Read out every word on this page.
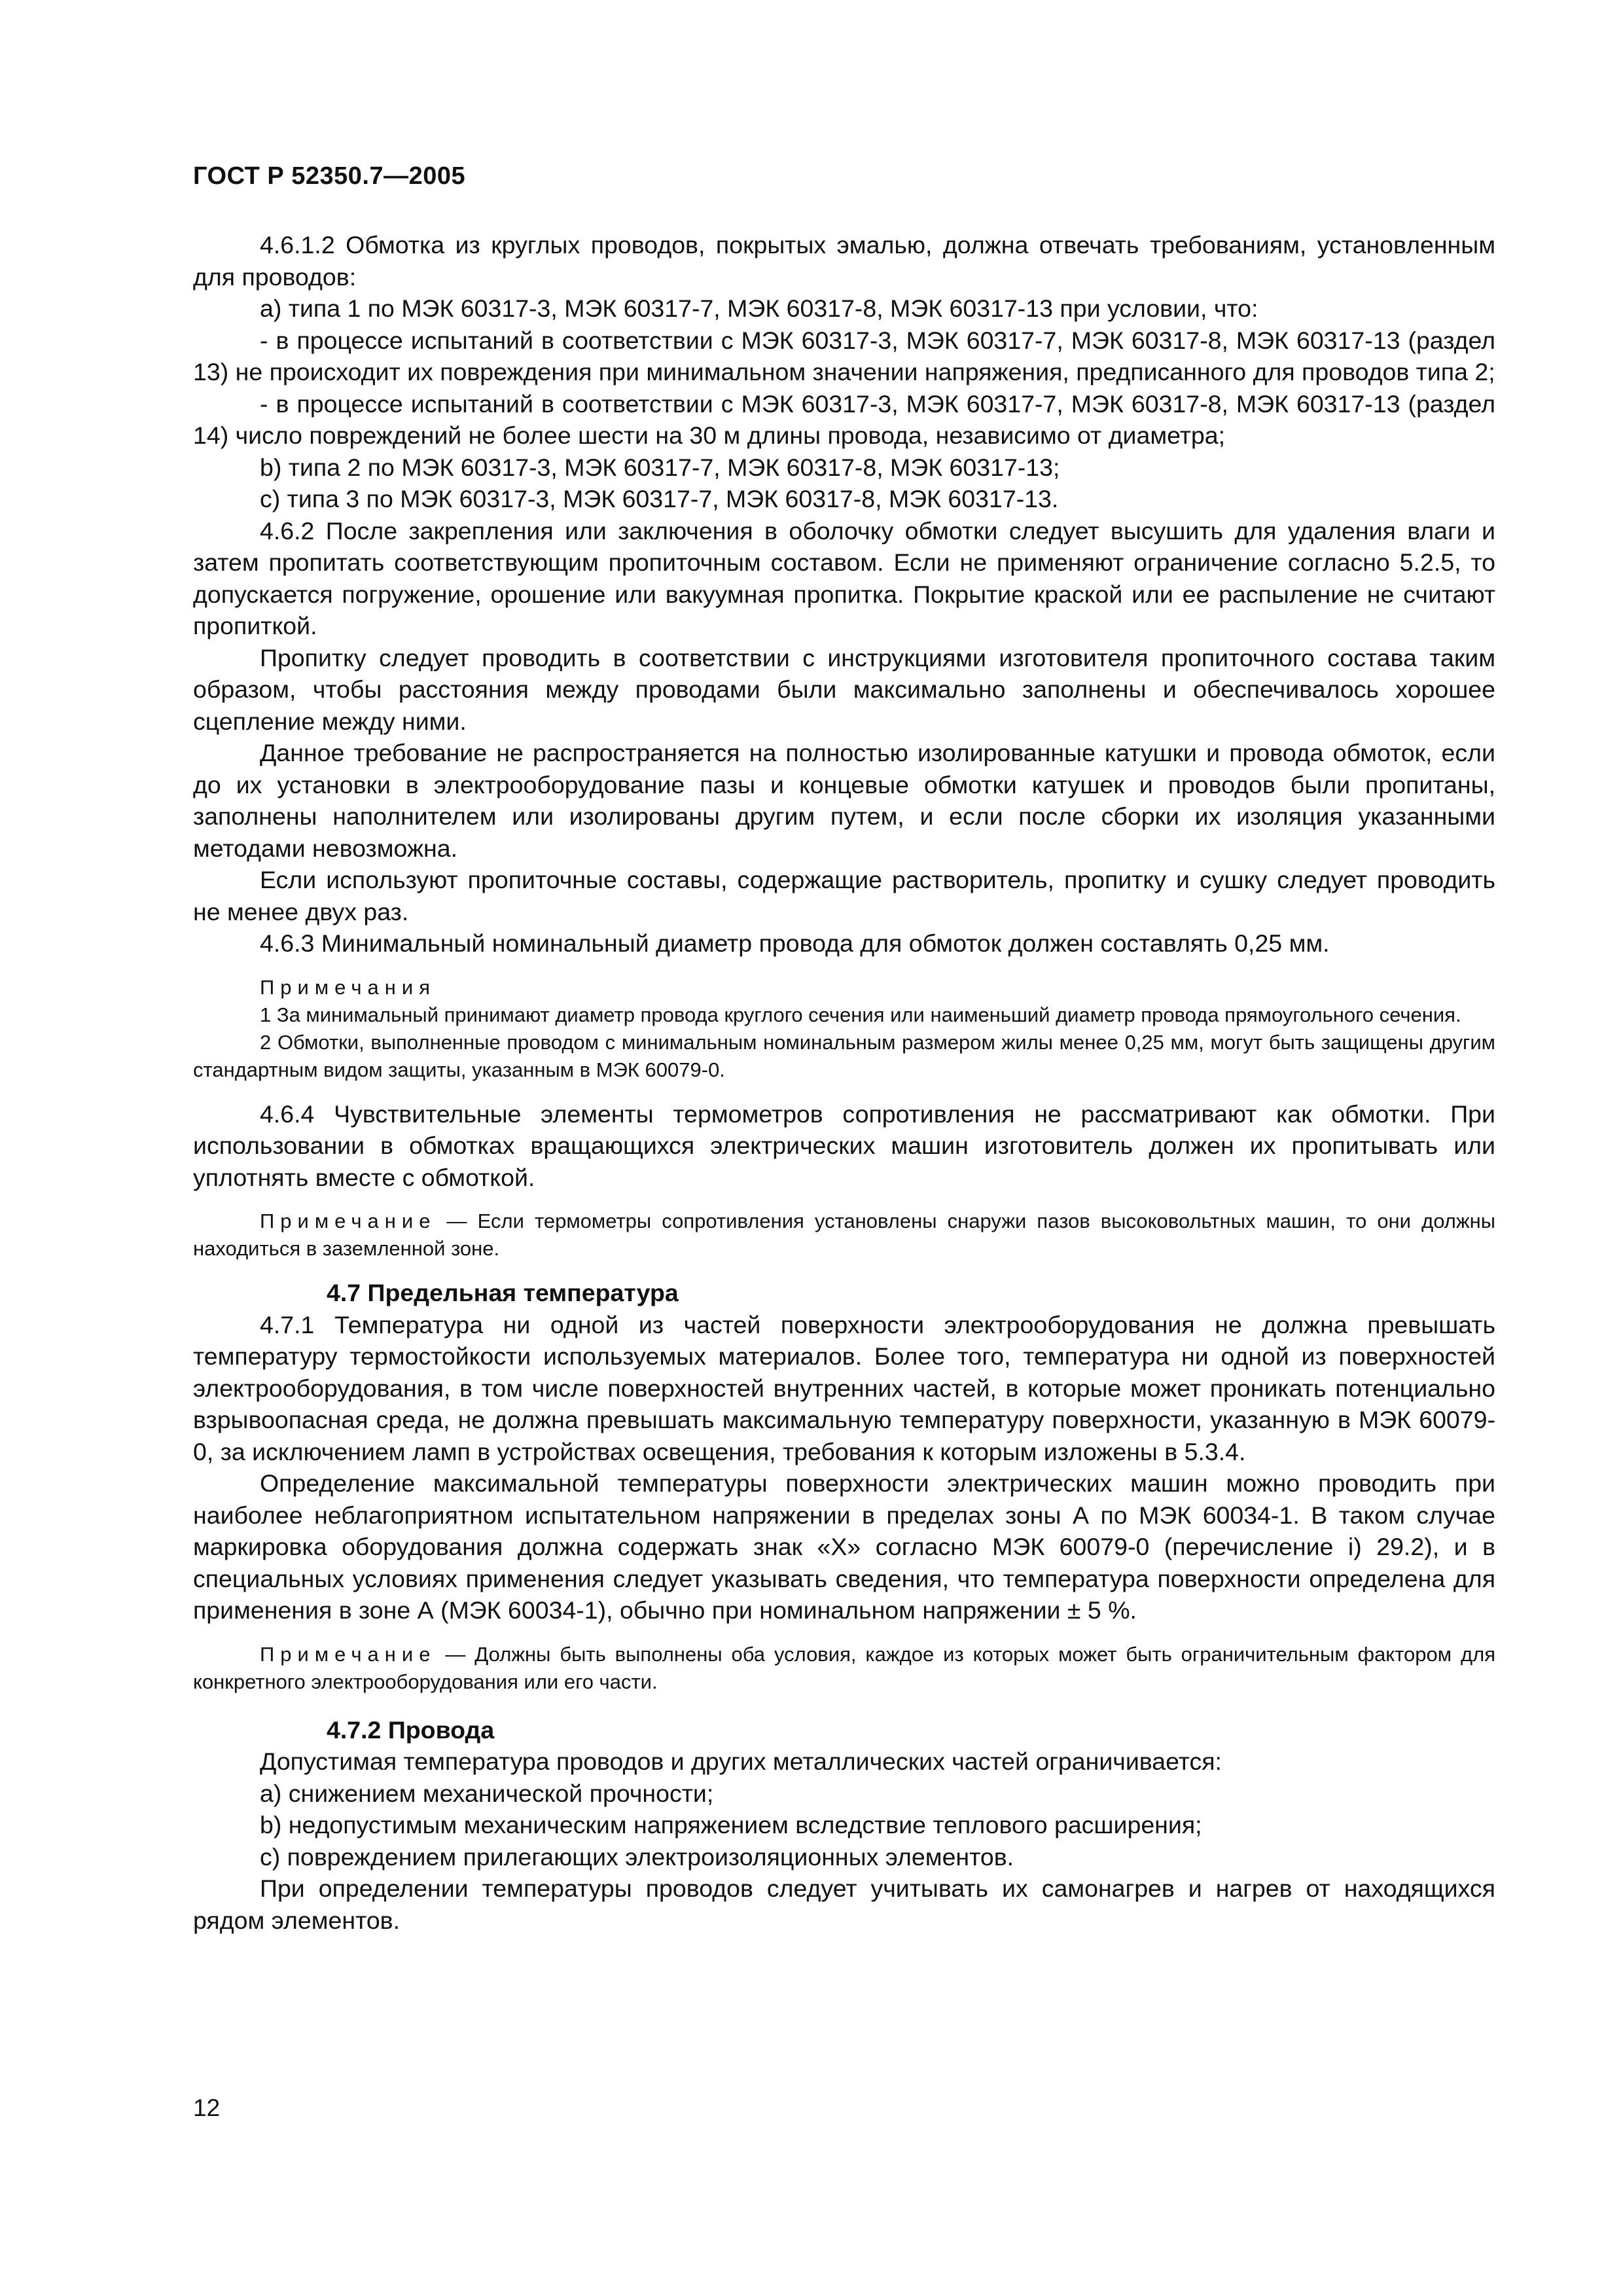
ГОСТ Р 52350.7—2005

4.6.1.2 Обмотка из круглых проводов, покрытых эмалью, должна отвечать требованиям, установленным для проводов:

a) типа 1 по МЭК 60317-3, МЭК 60317-7, МЭК 60317-8, МЭК 60317-13 при условии, что:

- в процессе испытаний в соответствии с МЭК 60317-3, МЭК 60317-7, МЭК 60317-8, МЭК 60317-13 (раздел 13) не происходит их повреждения при минимальном значении напряжения, предписанного для проводов типа 2;

- в процессе испытаний в соответствии с МЭК 60317-3, МЭК 60317-7, МЭК 60317-8, МЭК 60317-13 (раздел 14) число повреждений не более шести на 30 м длины провода, независимо от диаметра;

b) типа 2 по МЭК 60317-3, МЭК 60317-7, МЭК 60317-8, МЭК 60317-13;

c) типа 3 по МЭК 60317-3, МЭК 60317-7, МЭК 60317-8, МЭК 60317-13.

4.6.2 После закрепления или заключения в оболочку обмотки следует высушить для удаления влаги и затем пропитать соответствующим пропиточным составом. Если не применяют ограничение согласно 5.2.5, то допускается погружение, орошение или вакуумная пропитка. Покрытие краской или ее распыление не считают пропиткой.

Пропитку следует проводить в соответствии с инструкциями изготовителя пропиточного состава таким образом, чтобы расстояния между проводами были максимально заполнены и обеспечивалось хорошее сцепление между ними.

Данное требование не распространяется на полностью изолированные катушки и провода обмоток, если до их установки в электрооборудование пазы и концевые обмотки катушек и проводов были пропитаны, заполнены наполнителем или изолированы другим путем, и если после сборки их изоляция указанными методами невозможна.

Если используют пропиточные составы, содержащие растворитель, пропитку и сушку следует проводить не менее двух раз.

4.6.3 Минимальный номинальный диаметр провода для обмоток должен составлять 0,25 мм.

Примечания

1 За минимальный принимают диаметр провода круглого сечения или наименьший диаметр провода прямоугольного сечения.

2 Обмотки, выполненные проводом с минимальным номинальным размером жилы менее 0,25 мм, могут быть защищены другим стандартным видом защиты, указанным в МЭК 60079-0.

4.6.4 Чувствительные элементы термометров сопротивления не рассматривают как обмотки. При использовании в обмотках вращающихся электрических машин изготовитель должен их пропитывать или уплотнять вместе с обмоткой.

Примечание — Если термометры сопротивления установлены снаружи пазов высоковольтных машин, то они должны находиться в заземленной зоне.

4.7 Предельная температура

4.7.1 Температура ни одной из частей поверхности электрооборудования не должна превышать температуру термостойкости используемых материалов. Более того, температура ни одной из поверхностей электрооборудования, в том числе поверхностей внутренних частей, в которые может проникать потенциально взрывоопасная среда, не должна превышать максимальную температуру поверхности, указанную в МЭК 60079-0, за исключением ламп в устройствах освещения, требования к которым изложены в 5.3.4.

Определение максимальной температуры поверхности электрических машин можно проводить при наиболее неблагоприятном испытательном напряжении в пределах зоны А по МЭК 60034-1. В таком случае маркировка оборудования должна содержать знак «Х» согласно МЭК 60079-0 (перечисление i) 29.2), и в специальных условиях применения следует указывать сведения, что температура поверхности определена для применения в зоне А (МЭК 60034-1), обычно при номинальном напряжении ± 5 %.

Примечание — Должны быть выполнены оба условия, каждое из которых может быть ограничительным фактором для конкретного электрооборудования или его части.

4.7.2 Провода

Допустимая температура проводов и других металлических частей ограничивается:

a) снижением механической прочности;

b) недопустимым механическим напряжением вследствие теплового расширения;

c) повреждением прилегающих электроизоляционных элементов.

При определении температуры проводов следует учитывать их самонагрев и нагрев от находящихся рядом элементов.

12
